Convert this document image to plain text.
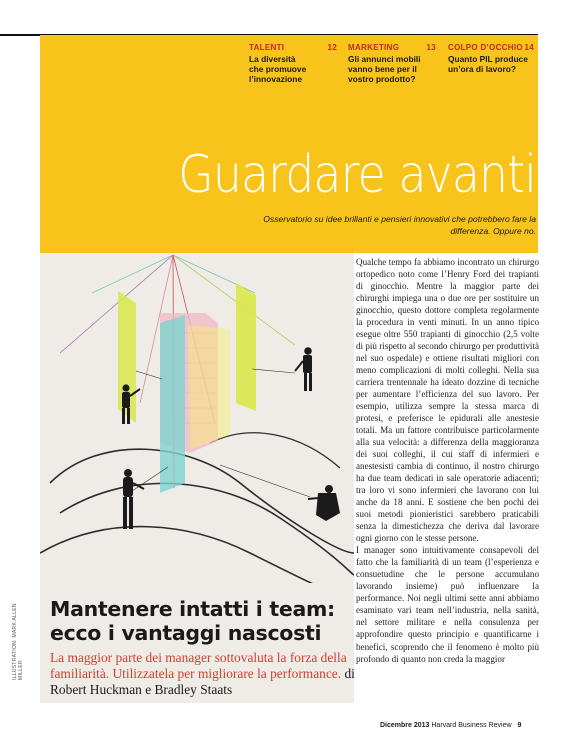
TALENTI	12
La diversità che promuove l’innovazione
MARKETING	13
Gli annunci mobili vanno bene per il vostro prodotto?
COLPO D’OCCHIO 14
Quanto PIL produce un’ora di lavoro?
Guardare avanti
Osservatorio su idee brillanti e pensieri innovativi che potrebbero fare la differenza. Oppure no.
ILLUSTRATION: MARK ALLEN MILLER
Mantenere intatti i team: ecco i vantaggi nascosti
La maggior parte dei manager sottovaluta la forza della familiarità. Utilizzatela per migliorare la performance. di Robert Huckman e Bradley Staats

Qualche tempo fa abbiamo incontrato un chirurgo ortopedico noto come l’Henry Ford dei trapianti di ginocchio. Mentre la maggior parte dei chirurghi impiega una o due ore per sostituire un ginocchio, questo dottore completa regolarmente la procedura in venti minuti. In un anno tipico esegue oltre 550 trapianti di ginocchio (2,5 volte di più rispetto al secondo chirurgo per produttività nel suo ospedale) e ottiene risultati migliori con meno complicazioni di molti colleghi. Nella sua carriera trentennale ha ideato dozzine di tecniche per aumentare l’efficienza del suo lavoro. Per esempio, utilizza sempre la stessa marca di protesi, e preferisce le epidurali alle anestesie totali. Ma un fattore contribuisce particolarmente alla sua velocità: a differenza della maggioranza dei suoi colleghi, il cui staff di infermieri e anestesisti cambia di continuo, il nostro chirurgo ha due team dedicati in sale operatorie adiacenti; tra loro vi sono infermieri che lavorano con lui anche da 18 anni. E sostiene che ben pochi dei suoi metodi pionieristici sarebbero praticabili senza la dimestichezza che deriva dal lavorare ogni giorno con le stesse persone.

I manager sono intuitivamente consapevoli del fatto che la familiarità di un team (l’esperienza e consuetudine che le persone accumulano lavorando insieme) può influenzare la performance. Noi negli ultimi sette anni abbiamo esaminato vari team nell’industria, nella sanità, nel settore militare e nella consulenza per approfondire questo principio e quantificarne i benefici, scoprendo che il fenomeno è molto più profondo di quanto non creda la maggior

Dicembre 2013 Harvard Business Review 9
